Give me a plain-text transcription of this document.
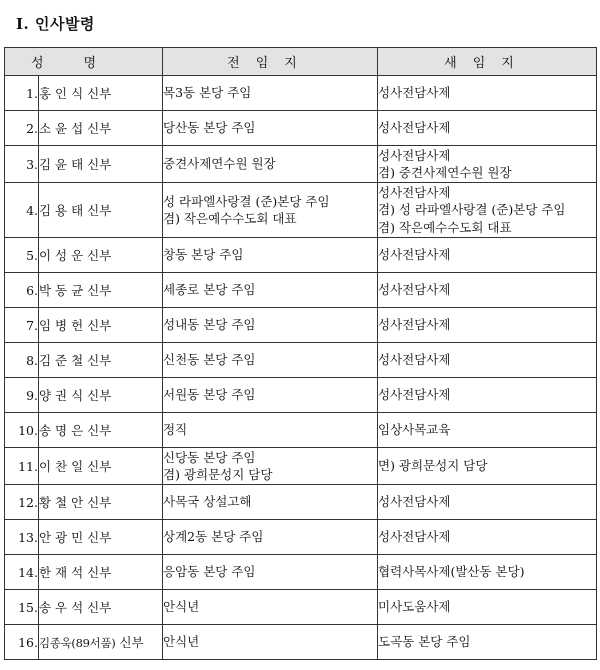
Ⅰ. 인사발령
성명		전임지	새임지
1.	홍 인 식 신부	목3동 본당 주임	성사전담사제

2.	소 윤 섭 신부	당산동 본당 주임	성사전담사제

3.	김 윤 태 신부	중견사제연수원 원장	성사전담사제
겸) 중견사제연수원 원장

4.	김 용 태 신부	성 라파엘사랑결 (준)본당 주임
겸) 작은예수수도회 대표	성사전담사제
겸) 성 라파엘사랑결 (준)본당 주임
겸) 작은예수수도회 대표

5.	이 성 운 신부	창동 본당 주임	성사전담사제

6.	박 동 균 신부	세종로 본당 주임	성사전담사제

7.	임 병 헌 신부	성내동 본당 주임	성사전담사제

8.	김 준 철 신부	신천동 본당 주임	성사전담사제

9.	양 권 식 신부	서원동 본당 주임	성사전담사제

10.	송 명 은 신부	정직	임상사목교육

11.	이 찬 일 신부	신당동 본당 주임
겸) 광희문성지 담당	면) 광희문성지 담당

12.	황 철 안 신부	사목국 상설고해	성사전담사제

13.	안 광 민 신부	상계2동 본당 주임	성사전담사제

14.	한 재 석 신부	응암동 본당 주임	협력사목사제(발산동 본당)

15.	송 우 석 신부	안식년	미사도움사제

16.	김종욱(89서품) 신부	안식년	도곡동 본당 주임
